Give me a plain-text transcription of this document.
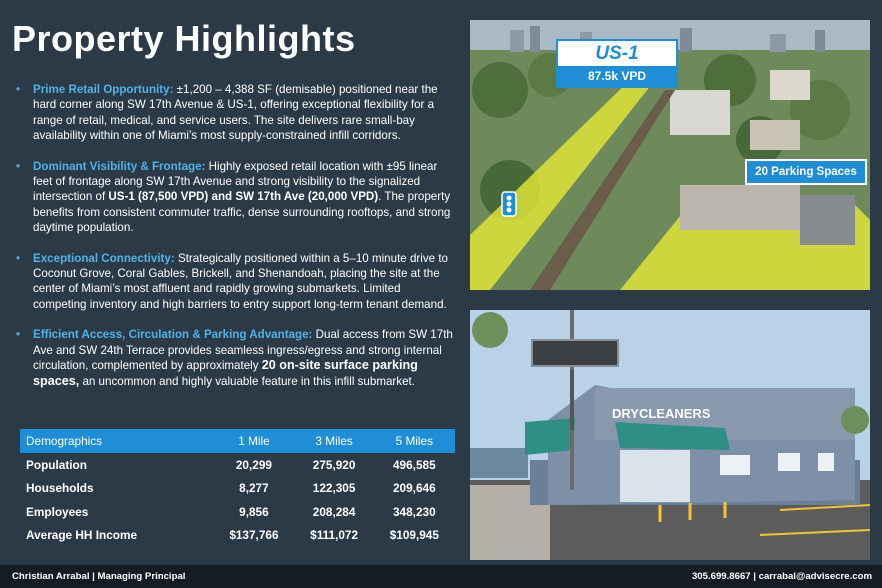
Property Highlights
• Prime Retail Opportunity: ±1,200 – 4,388 SF (demisable) positioned near the hard corner along SW 17th Avenue & US-1, offering exceptional flexibility for a range of retail, medical, and service users. The site delivers rare small-bay availability within one of Miami’s most supply-constrained infill corridors.
• Dominant Visibility & Frontage: Highly exposed retail location with ±95 linear feet of frontage along SW 17th Avenue and strong visibility to the signalized intersection of US-1 (87,500 VPD) and SW 17th Ave (20,000 VPD). The property benefits from consistent commuter traffic, dense surrounding rooftops, and strong daytime population.
• Exceptional Connectivity: Strategically positioned within a 5–10 minute drive to Coconut Grove, Coral Gables, Brickell, and Shenandoah, placing the site at the center of Miami’s most affluent and rapidly growing submarkets. Limited competing inventory and high barriers to entry support long-term tenant demand.
• Efficient Access, Circulation & Parking Advantage: Dual access from SW 17th Ave and SW 24th Terrace provides seamless ingress/egress and strong internal circulation, complemented by approximately 20 on-site surface parking spaces, an uncommon and highly valuable feature in this infill submarket.
Demographics	1 Mile	3 Miles	5 Miles
Population	20,299	275,920	496,585
Households	8,277	122,305	209,646
Employees	9,856	208,284	348,230
Average HH Income	$137,766	$111,072	$109,945
US-1
87.5k VPD
20 Parking Spaces
DRYCLEANERS
Christian Arrabal | Managing Principal	305.699.8667 | carrabal@advisecre.com
